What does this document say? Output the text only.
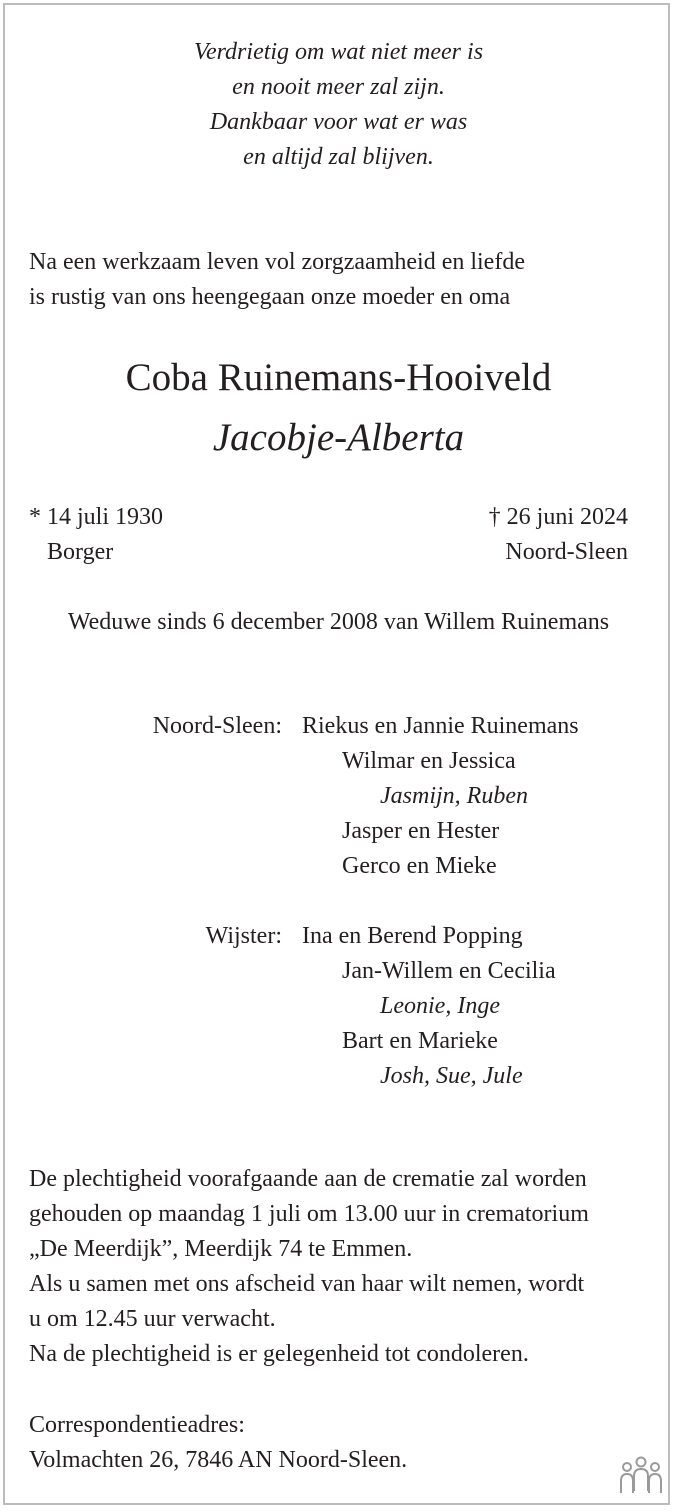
Verdrietig om wat niet meer is
en nooit meer zal zijn.
Dankbaar voor wat er was
en altijd zal blijven.
Na een werkzaam leven vol zorgzaamheid en liefde
is rustig van ons heengegaan onze moeder en oma
Coba Ruinemans-Hooiveld
Jacobje-Alberta
* 14 juli 1930
Borger
† 26 juni 2024
Noord-Sleen
Weduwe sinds 6 december 2008 van Willem Ruinemans
Noord-Sleen: Riekus en Jannie Ruinemans
Wilmar en Jessica
Jasmijn, Ruben
Jasper en Hester
Gerco en Mieke
Wijster: Ina en Berend Popping
Jan-Willem en Cecilia
Leonie, Inge
Bart en Marieke
Josh, Sue, Jule
De plechtigheid voorafgaande aan de crematie zal worden
gehouden op maandag 1 juli om 13.00 uur in crematorium
„De Meerdijk”, Meerdijk 74 te Emmen.
Als u samen met ons afscheid van haar wilt nemen, wordt
u om 12.45 uur verwacht.
Na de plechtigheid is er gelegenheid tot condoleren.
Correspondentieadres:
Volmachten 26, 7846 AN Noord-Sleen.
